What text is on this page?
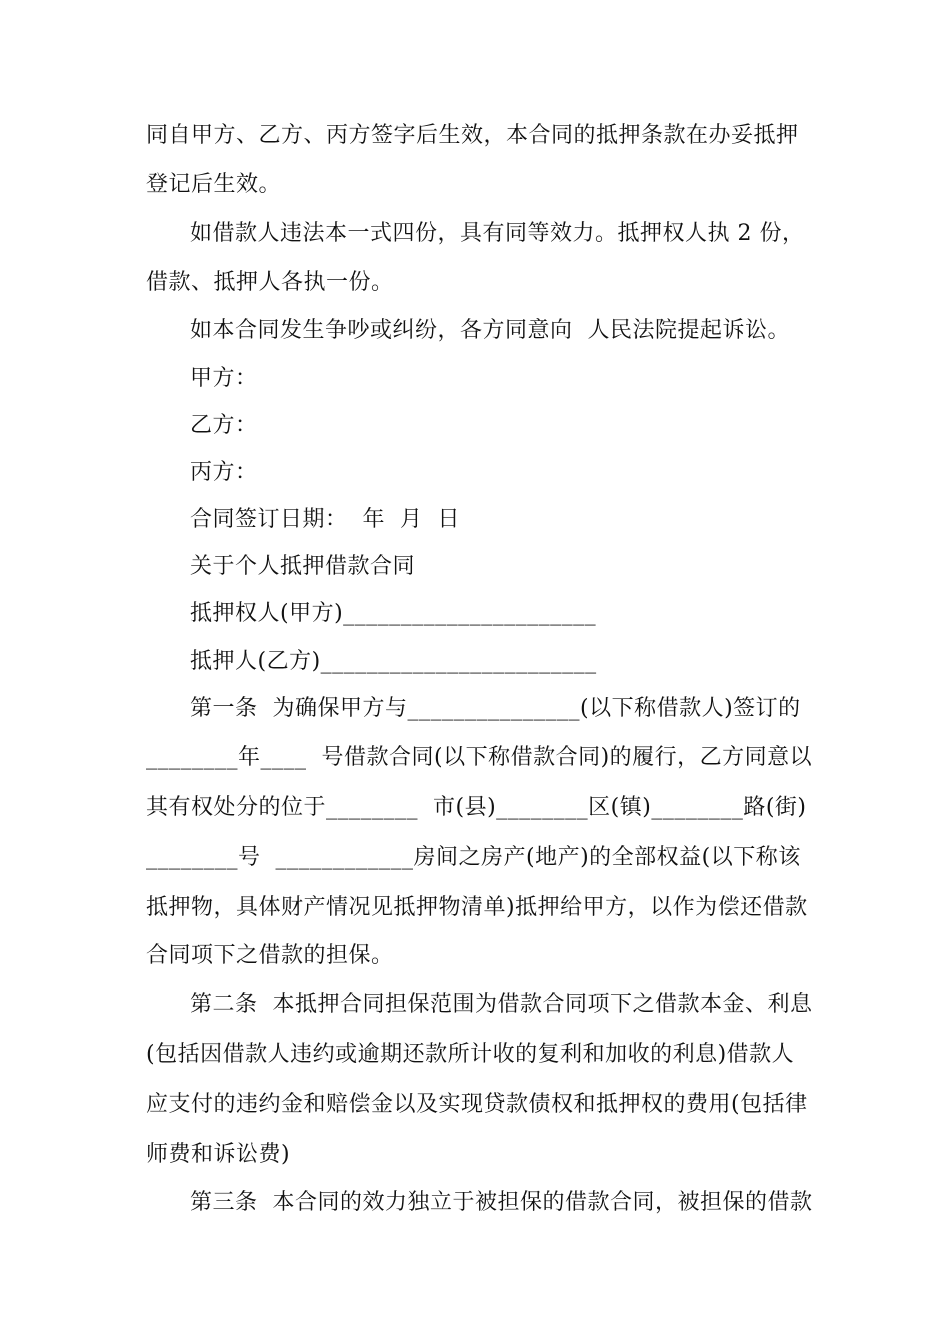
同自甲方、乙方、丙方签字后生效，本合同的抵押条款在办妥抵押
登记后生效。
如借款人违法本一式四份，具有同等效力。抵押权人执 2 份，
借款、抵押人各执一份。
如本合同发生争吵或纠纷，各方同意向  人民法院提起诉讼。
甲方：
乙方：
丙方：
合同签订日期：  年  月  日
关于个人抵押借款合同
抵押权人(甲方)______________________
抵押人(乙方)________________________
第一条  为确保甲方与_______________(以下称借款人)签订的
________年____  号借款合同(以下称借款合同)的履行，乙方同意以
其有权处分的位于________  市(县)________区(镇)________路(街)
________号  ____________房间之房产(地产)的全部权益(以下称该
抵押物，具体财产情况见抵押物清单)抵押给甲方，以作为偿还借款
合同项下之借款的担保。
第二条  本抵押合同担保范围为借款合同项下之借款本金、利息
(包括因借款人违约或逾期还款所计收的复利和加收的利息)借款人
应支付的违约金和赔偿金以及实现贷款债权和抵押权的费用(包括律
师费和诉讼费)
第三条  本合同的效力独立于被担保的借款合同，被担保的借款
